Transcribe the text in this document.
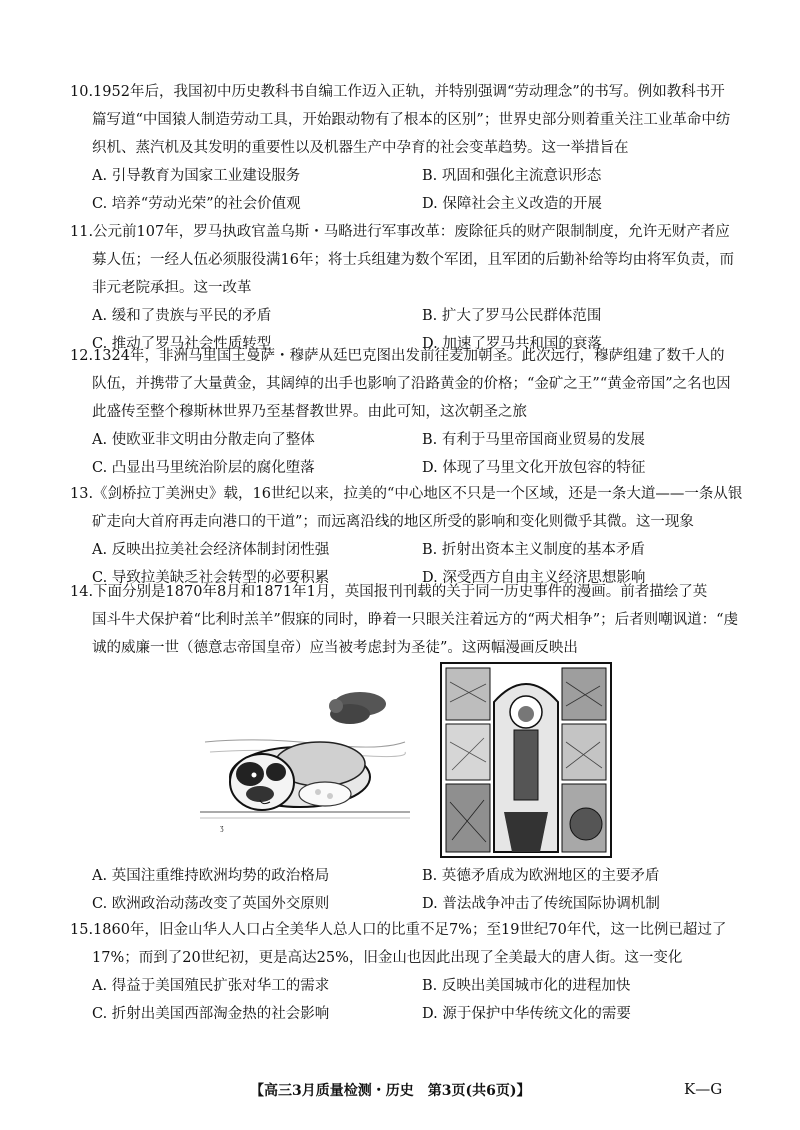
10.1952年后，我国初中历史教科书自编工作迈入正轨，并特别强调“劳动理念”的书写。例如教科书开
篇写道“中国猿人制造劳动工具，开始跟动物有了根本的区别”；世界史部分则着重关注工业革命中纺
织机、蒸汽机及其发明的重要性以及机器生产中孕育的社会变革趋势。这一举措旨在
A. 引导教育为国家工业建设服务	B. 巩固和强化主流意识形态
C. 培养“劳动光荣”的社会价值观	D. 保障社会主义改造的开展
11.公元前107年，罗马执政官盖乌斯・马略进行军事改革：废除征兵的财产限制制度，允许无财产者应
募人伍；一经人伍必须服役满16年；将士兵组建为数个军团，且军团的后勤补给等均由将军负责，而
非元老院承担。这一改革
A. 缓和了贵族与平民的矛盾	B. 扩大了罗马公民群体范围
C. 推动了罗马社会性质转型	D. 加速了罗马共和国的衰落
12.1324年，非洲马里国王曼萨・穆萨从廷巴克图出发前往麦加朝圣。此次远行，穆萨组建了数千人的
队伍，并携带了大量黄金，其阔绰的出手也影响了沿路黄金的价格；“金矿之王”“黄金帝国”之名也因
此盛传至整个穆斯林世界乃至基督教世界。由此可知，这次朝圣之旅
A. 使欧亚非文明由分散走向了整体	B. 有利于马里帝国商业贸易的发展
C. 凸显出马里统治阶层的腐化堕落	D. 体现了马里文化开放包容的特征
13.《剑桥拉丁美洲史》载，16世纪以来，拉美的“中心地区不只是一个区域，还是一条大道——一条从银
矿走向大首府再走向港口的干道”；而远离沿线的地区所受的影响和变化则微乎其微。这一现象
A. 反映出拉美社会经济体制封闭性强	B. 折射出资本主义制度的基本矛盾
C. 导致拉美缺乏社会转型的必要积累	D. 深受西方自由主义经济思想影响
14.下面分别是1870年8月和1871年1月，英国报刊刊载的关于同一历史事件的漫画。前者描绘了英
国斗牛犬保护着“比利时羔羊”假寐的同时，睁着一只眼关注着远方的“两犬相争”；后者则嘲讽道：“虔
诚的威廉一世（德意志帝国皇帝）应当被考虑封为圣徒”。这两幅漫画反映出
ʒ
A. 英国注重维持欧洲均势的政治格局	B. 英德矛盾成为欧洲地区的主要矛盾
C. 欧洲政治动荡改变了英国外交原则	D. 普法战争冲击了传统国际协调机制
15.1860年，旧金山华人人口占全美华人总人口的比重不足7%；至19世纪70年代，这一比例已超过了
17%；而到了20世纪初，更是高达25%，旧金山也因此出现了全美最大的唐人街。这一变化
A. 得益于美国殖民扩张对华工的需求	B. 反映出美国城市化的进程加快
C. 折射出美国西部淘金热的社会影响	D. 源于保护中华传统文化的需要
【高三3月质量检测・历史　第3页(共6页)】	K—G
